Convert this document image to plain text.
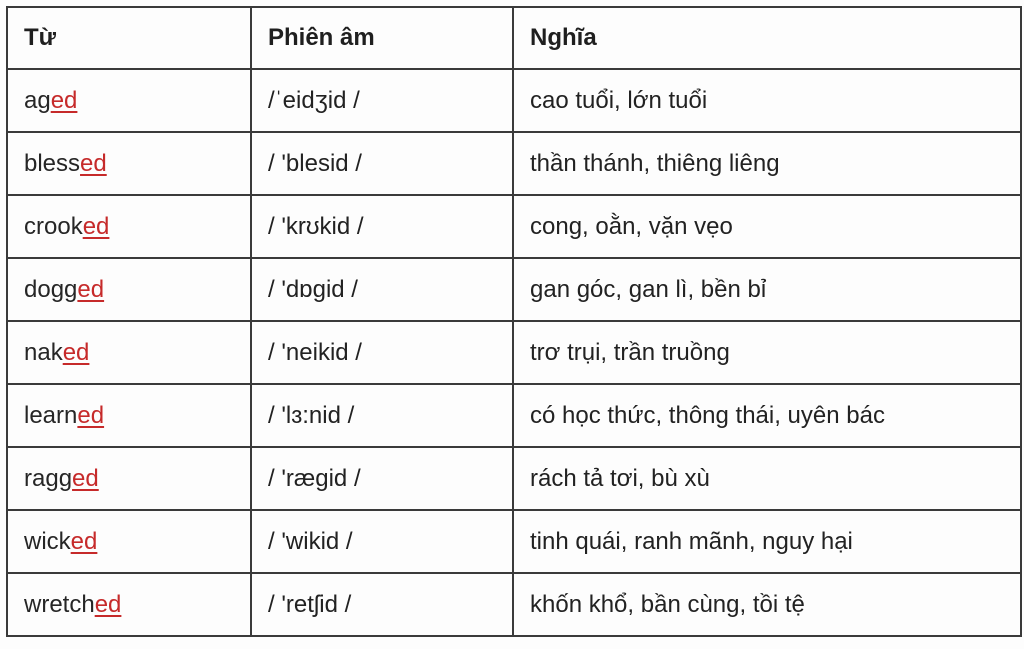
Từ	Phiên âm	Nghĩa
aged	/ˈeidʒid /	cao tuổi, lớn tuổi
blessed	/ 'blesid /	thần thánh, thiêng liêng
crooked	/ 'krʊkid /	cong, oằn, vặn vẹo
dogged	/ 'dɒgid /	gan góc, gan lì, bền bỉ
naked	/ 'neikid /	trơ trụi, trần truồng
learned	/ 'lɜ:nid /	có học thức, thông thái, uyên bác
ragged	/ 'rægid /	rách tả tơi, bù xù
wicked	/ 'wikid /	tinh quái, ranh mãnh, nguy hại
wretched	/ 'retʃid /	khốn khổ, bần cùng, tồi tệ
